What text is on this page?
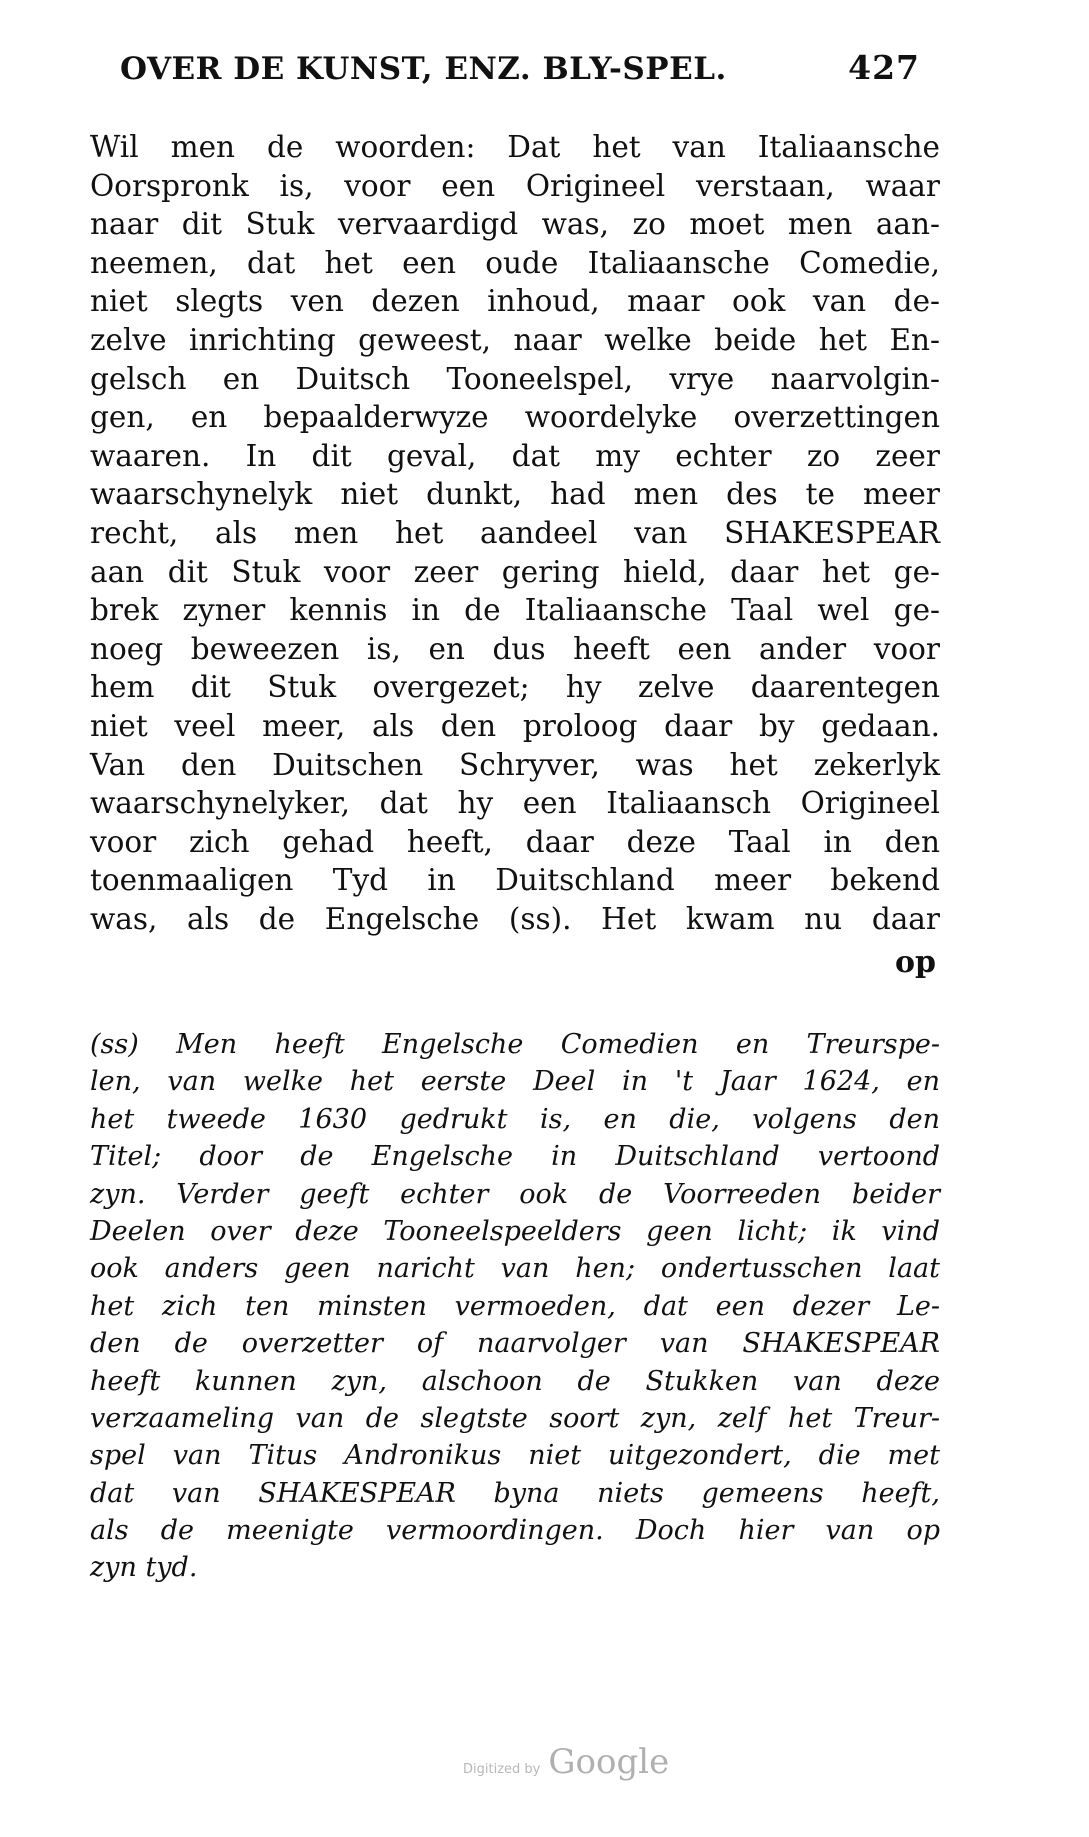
OVER DE KUNST, ENZ. BLY-SPEL.	427
Wil men de woorden: Dat het van Italiaansche
Oorspronk is, voor een Origineel verstaan, waar
naar dit Stuk vervaardigd was, zo moet men aan-
neemen, dat het een oude Italiaansche Comedie,
niet slegts ven dezen inhoud, maar ook van de-
zelve inrichting geweest, naar welke beide het En-
gelsch en Duitsch Tooneelspel, vrye naarvolgin-
gen, en bepaalderwyze woordelyke overzettingen
waaren. In dit geval, dat my echter zo zeer
waarschynelyk niet dunkt, had men des te meer
recht, als men het aandeel van SHAKESPEAR
aan dit Stuk voor zeer gering hield, daar het ge-
brek zyner kennis in de Italiaansche Taal wel ge-
noeg beweezen is, en dus heeft een ander voor
hem dit Stuk overgezet; hy zelve daarentegen
niet veel meer, als den proloog daar by gedaan.
Van den Duitschen Schryver, was het zekerlyk
waarschynelyker, dat hy een Italiaansch Origineel
voor zich gehad heeft, daar deze Taal in den
toenmaaligen Tyd in Duitschland meer bekend
was, als de Engelsche (ss). Het kwam nu daar
op
(ss) Men heeft Engelsche Comedien en Treurspe-
len, van welke het eerste Deel in 't Jaar 1624, en
het tweede 1630 gedrukt is, en die, volgens den
Titel; door de Engelsche in Duitschland vertoond
zyn. Verder geeft echter ook de Voorreeden beider
Deelen over deze Tooneelspeelders geen licht; ik vind
ook anders geen naricht van hen; ondertusschen laat
het zich ten minsten vermoeden, dat een dezer Le-
den de overzetter of naarvolger van SHAKESPEAR
heeft kunnen zyn, alschoon de Stukken van deze
verzaameling van de slegtste soort zyn, zelf het Treur-
spel van Titus Andronikus niet uitgezondert, die met
dat van SHAKESPEAR byna niets gemeens heeft,
als de meenigte vermoordingen. Doch hier van op
zyn tyd.
Digitized by Google
